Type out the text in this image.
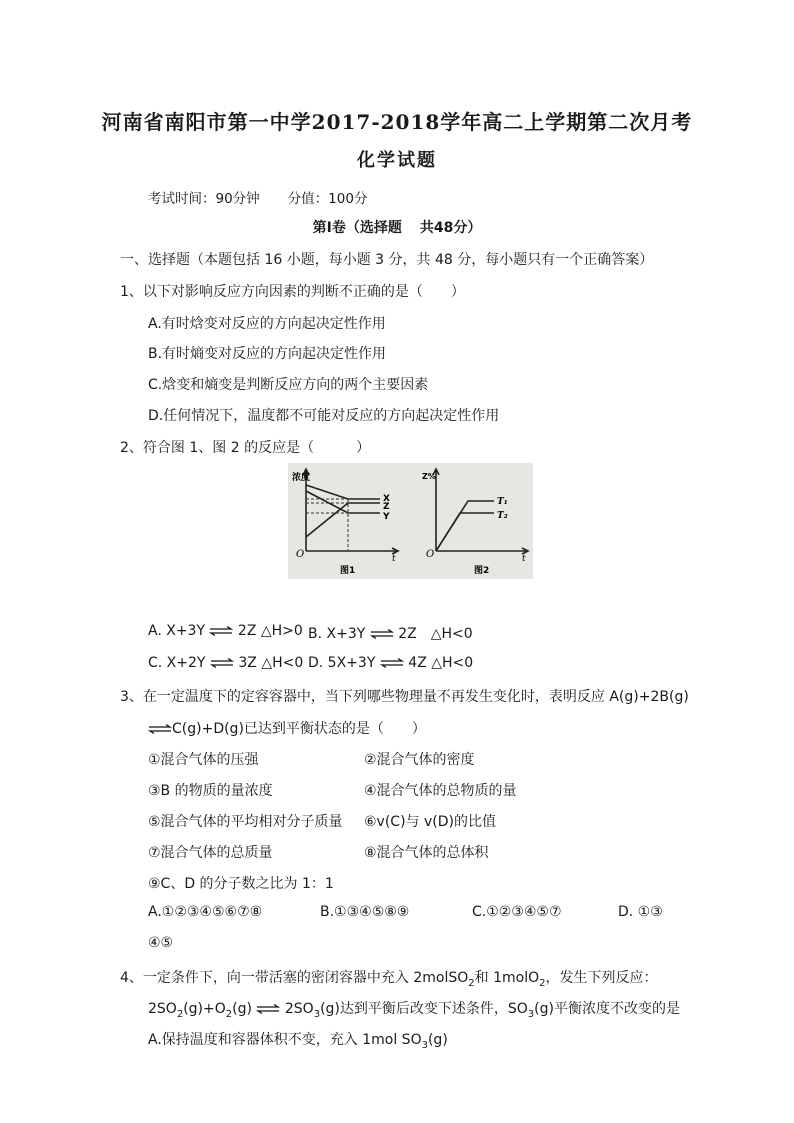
河南省南阳市第一中学2017-2018学年高二上学期第二次月考
化学试题
考试时间：90分钟 分值：100分
第Ⅰ卷（选择题 共48分）
一、选择题（本题包括 16 小题，每小题 3 分，共 48 分，每小题只有一个正确答案）
1、以下对影响反应方向因素的判断不正确的是（　　）
A.有时焓变对反应的方向起决定性作用
B.有时熵变对反应的方向起决定性作用
C.焓变和熵变是判断反应方向的两个主要因素
D.任何情况下，温度都不可能对反应的方向起决定性作用
2、符合图 1、图 2 的反应是（　　　）
浓度
X
Z
Y
O	t
图1
Z%
T₁
T₂
O	t
图2
A. X+3Y ⇌ 2Z △H>0 B. X+3Y ⇌ 2Z　△H<0
C. X+2Y ⇌ 3Z △H<0 D. 5X+3Y ⇌ 4Z △H<0
3、在一定温度下的定容容器中，当下列哪些物理量不再发生变化时，表明反应 A(g)+2B(g)
⇌C(g)+D(g)已达到平衡状态的是（　　）
①混合气体的压强	②混合气体的密度
③B 的物质的量浓度	④混合气体的总物质的量
⑤混合气体的平均相对分子质量 ⑥v(C)与 v(D)的比值
⑦混合气体的总质量	⑧混合气体的总体积
⑨C、D 的分子数之比为 1：1
A.①②③④⑤⑥⑦⑧	B.①③④⑤⑧⑨	C.①②③④⑤⑦	D. ①③
④⑤
4、一定条件下，向一带活塞的密闭容器中充入 2molSO$_2$和 1molO$_2$，发生下列反应：
$2SO_2(g)+O_2(g)$ ⇌ $2SO_3(g)$达到平衡后改变下述条件，$SO_3(g)$平衡浓度不改变的是
A.保持温度和容器体积不变，充入 1mol $SO_3(g)$
